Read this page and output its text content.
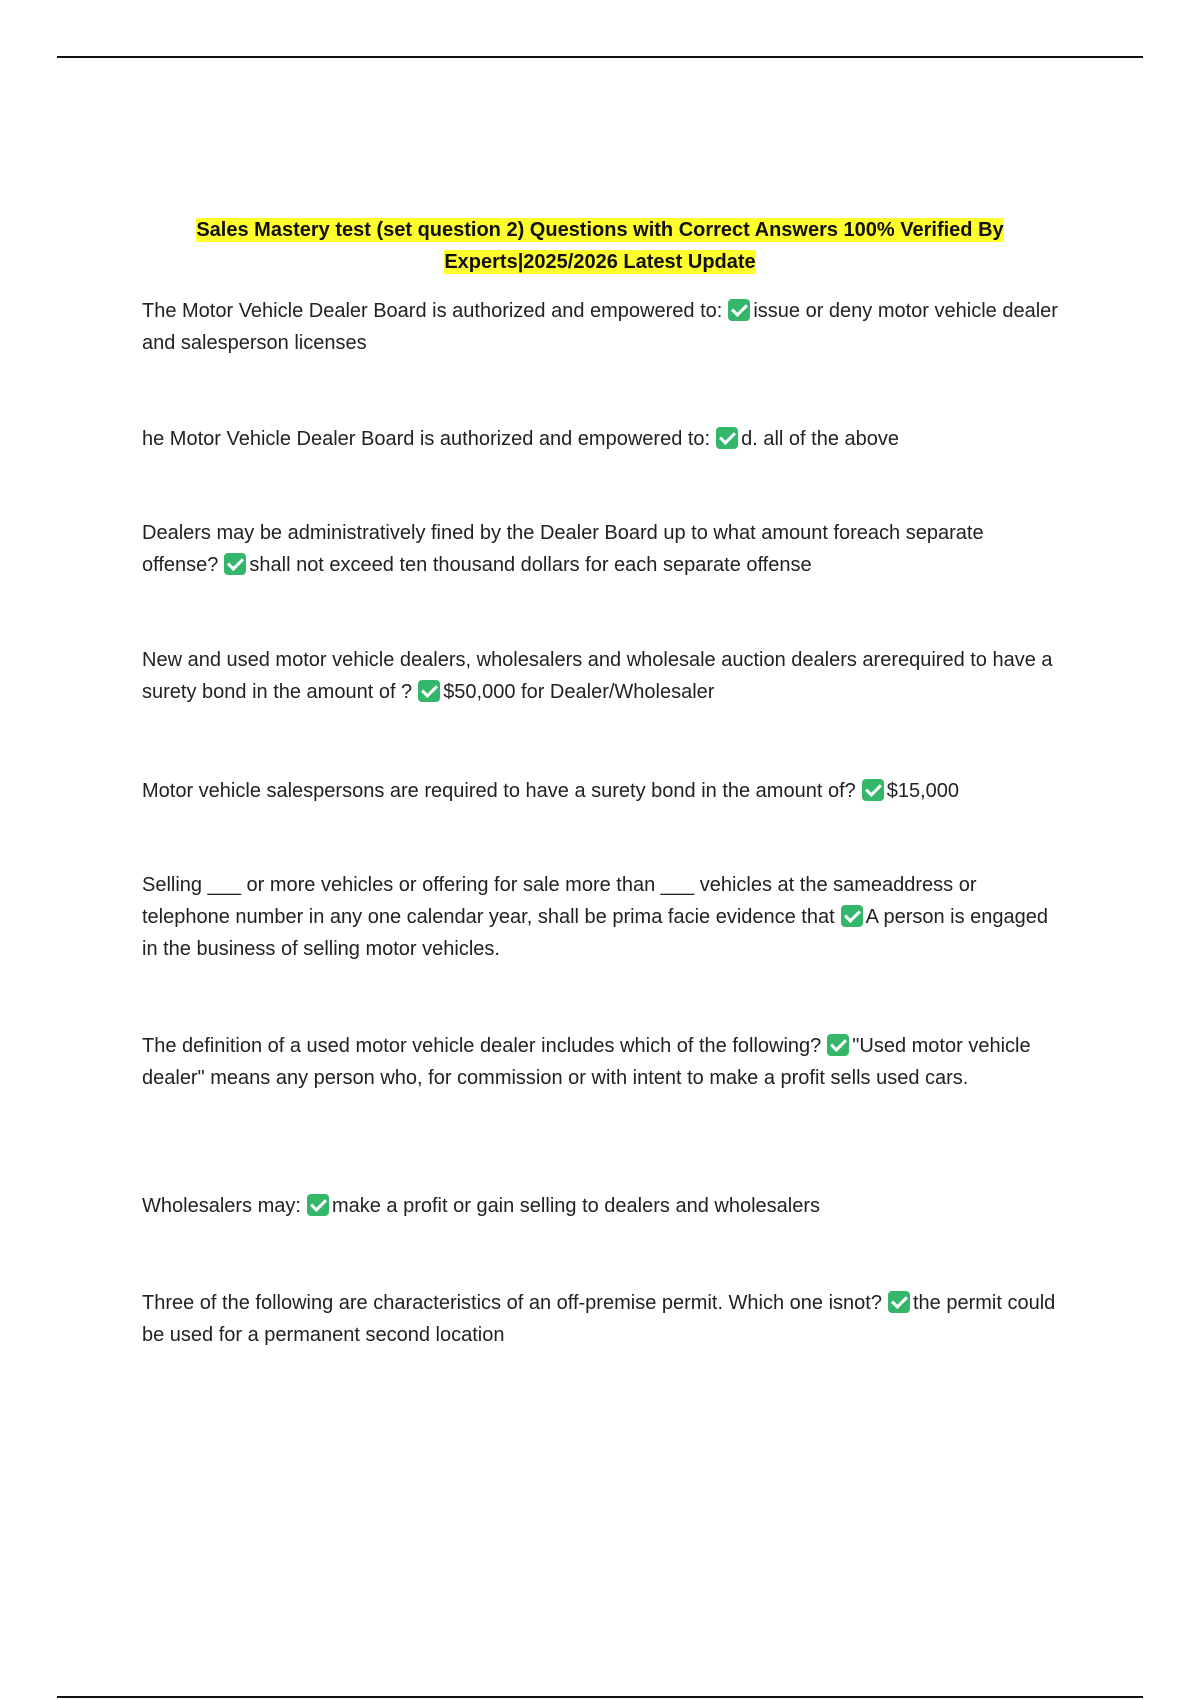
Sales Mastery test (set question 2) Questions with Correct Answers 100% Verified By Experts|2025/2026 Latest Update
The Motor Vehicle Dealer Board is authorized and empowered to: issue or deny motor vehicle dealer and salesperson licenses
he Motor Vehicle Dealer Board is authorized and empowered to: d. all of the above
Dealers may be administratively fined by the Dealer Board up to what amount foreach separate offense? shall not exceed ten thousand dollars for each separate offense
New and used motor vehicle dealers, wholesalers and wholesale auction dealers arerequired to have a surety bond in the amount of ? $50,000 for Dealer/Wholesaler
Motor vehicle salespersons are required to have a surety bond in the amount of? $15,000
Selling ___ or more vehicles or offering for sale more than ___ vehicles at the sameaddress or telephone number in any one calendar year, shall be prima facie evidence that A person is engaged in the business of selling motor vehicles.
The definition of a used motor vehicle dealer includes which of the following? "Used motor vehicle dealer" means any person who, for commission or with intent to make a profit sells used cars.
Wholesalers may: make a profit or gain selling to dealers and wholesalers
Three of the following are characteristics of an off-premise permit. Which one isnot? the permit could be used for a permanent second location
